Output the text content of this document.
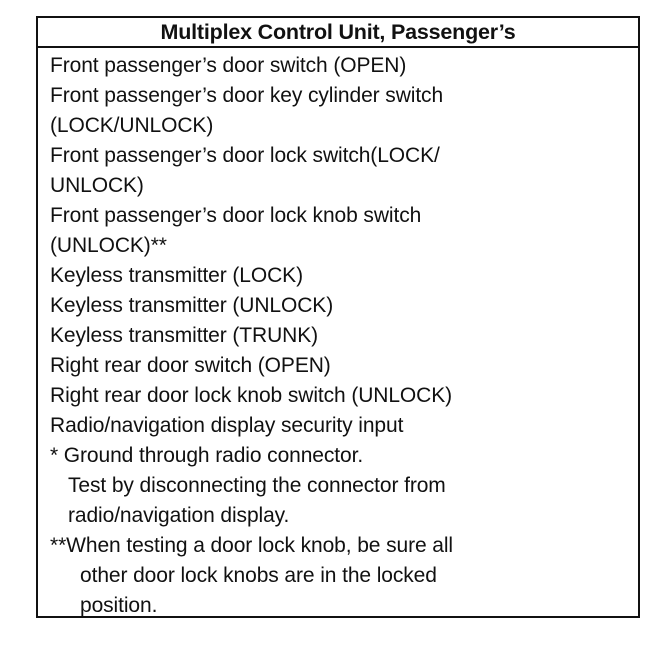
Multiplex Control Unit, Passenger’s
Front passenger’s door switch (OPEN)
Front passenger’s door key cylinder switch
(LOCK/UNLOCK)
Front passenger’s door lock switch(LOCK/
UNLOCK)
Front passenger’s door lock knob switch
(UNLOCK)**
Keyless transmitter (LOCK)
Keyless transmitter (UNLOCK)
Keyless transmitter (TRUNK)
Right rear door switch (OPEN)
Right rear door lock knob switch (UNLOCK)
Radio/navigation display security input
* Ground through radio connector.
Test by disconnecting the connector from
radio/navigation display.
**When testing a door lock knob, be sure all
other door lock knobs are in the locked
position.
